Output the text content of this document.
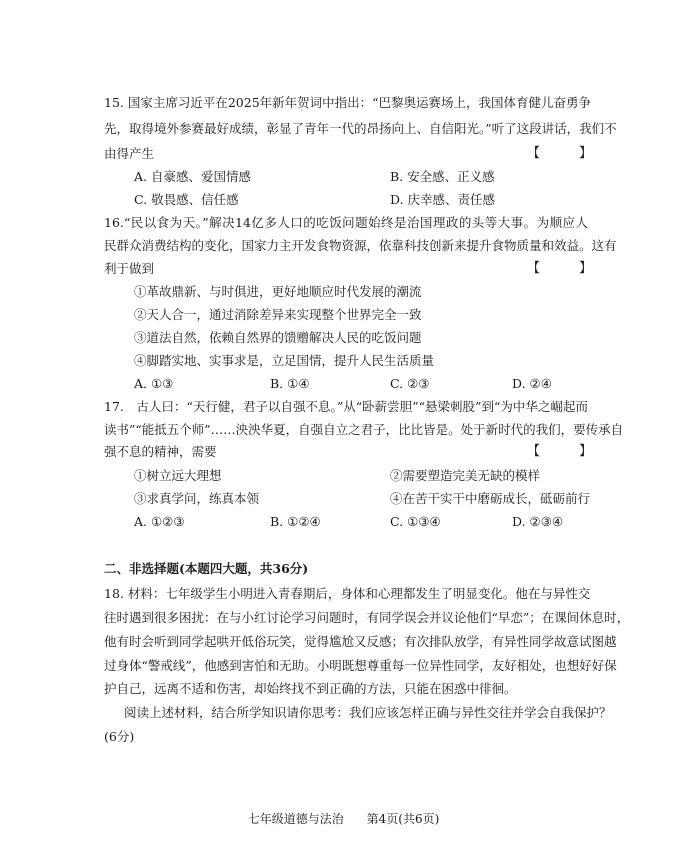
15. 国家主席习近平在2025年新年贺词中指出：“巴黎奥运赛场上，我国体育健儿奋勇争
先，取得境外参赛最好成绩，彰显了青年一代的昂扬向上、自信阳光。”听了这段讲话，我们不
由得产生	【　　　】
A. 自豪感、爱国情感	B. 安全感、正义感
C. 敬畏感、信任感	D. 庆幸感、责任感
16.“民以食为天。”解决14亿多人口的吃饭问题始终是治国理政的头等大事。为顺应人
民群众消费结构的变化，国家力主开发食物资源，依靠科技创新来提升食物质量和效益。这有
利于做到	【　　　】
①革故鼎新、与时俱进，更好地顺应时代发展的潮流
②天人合一，通过消除差异来实现整个世界完全一致
③道法自然，依赖自然界的馈赠解决人民的吃饭问题
④脚踏实地、实事求是，立足国情，提升人民生活质量
A. ①③	B. ①④	C. ②③	D. ②④
17.　古人曰：“天行健，君子以自强不息。”从“卧薪尝胆”“悬梁刺股”到“为中华之崛起而
读书”“能抵五个师”……泱泱华夏，自强自立之君子，比比皆是。处于新时代的我们，要传承自
强不息的精神，需要	【　　　】
①树立远大理想	②需要塑造完美无缺的模样
③求真学问，练真本领	④在苦干实干中磨砺成长，砥砺前行
A. ①②③	B. ①②④	C. ①③④	D. ②③④
二、非选择题(本题四大题，共36分)
18. 材料：七年级学生小明进入青春期后，身体和心理都发生了明显变化。他在与异性交
往时遇到很多困扰：在与小红讨论学习问题时，有同学误会并议论他们“早恋”；在课间休息时，
他有时会听到同学起哄开低俗玩笑，觉得尴尬又反感；有次排队放学，有异性同学故意试图越
过身体“警戒线”，他感到害怕和无助。小明既想尊重每一位异性同学，友好相处，也想好好保
护自己，远离不适和伤害，却始终找不到正确的方法，只能在困惑中徘徊。
阅读上述材料，结合所学知识请你思考：我们应该怎样正确与异性交往并学会自我保护？
(6分)
七年级道德与法治 第4页(共6页)
